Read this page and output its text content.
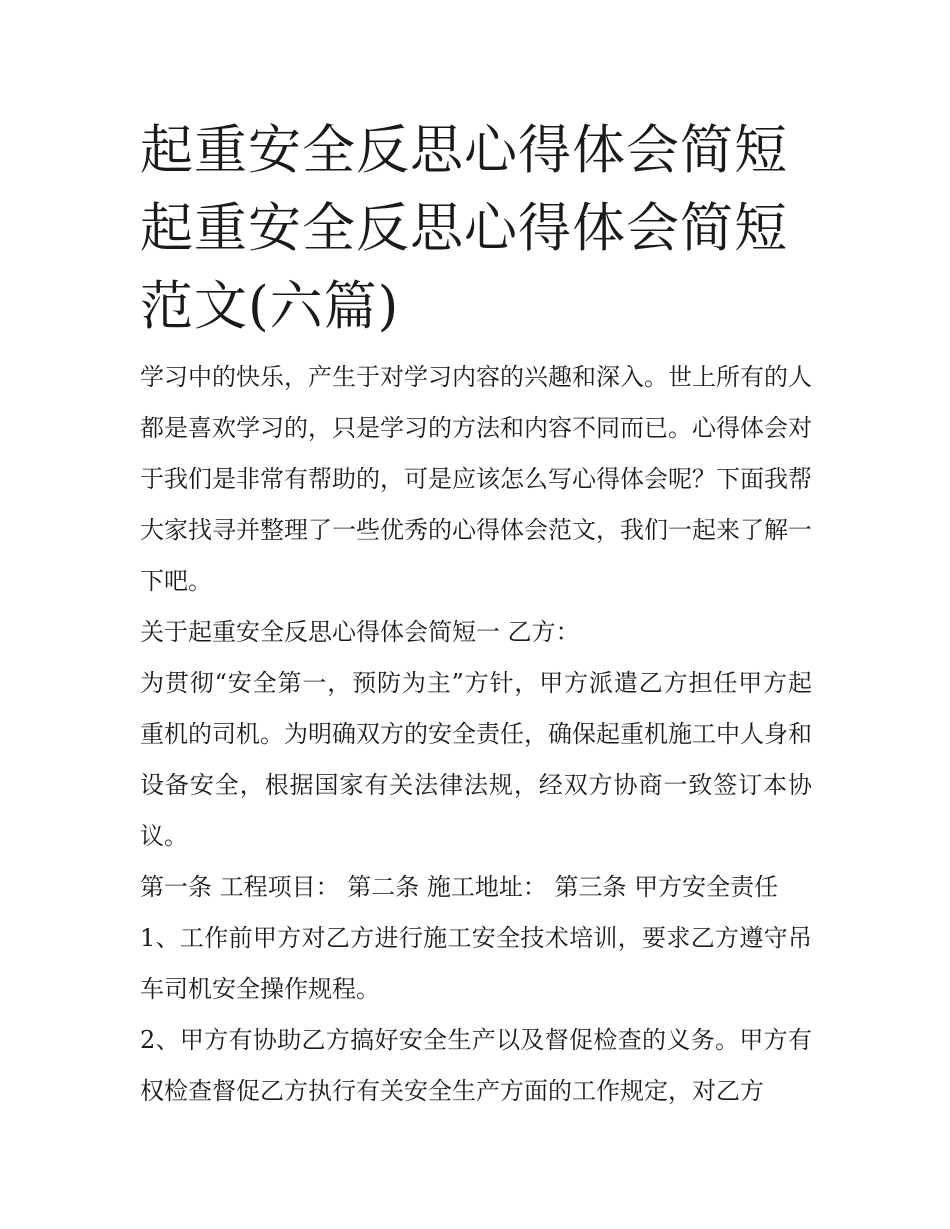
起重安全反思心得体会简短 起重安全反思心得体会简短范文(六篇)

学习中的快乐，产生于对学习内容的兴趣和深入。世上所有的人都是喜欢学习的，只是学习的方法和内容不同而已。心得体会对于我们是非常有帮助的，可是应该怎么写心得体会呢？下面我帮大家找寻并整理了一些优秀的心得体会范文，我们一起来了解一下吧。

关于起重安全反思心得体会简短一 乙方：

为贯彻“安全第一，预防为主”方针，甲方派遣乙方担任甲方起重机的司机。为明确双方的安全责任，确保起重机施工中人身和设备安全，根据国家有关法律法规，经双方协商一致签订本协议。

第一条 工程项目： 第二条 施工地址： 第三条 甲方安全责任

1、工作前甲方对乙方进行施工安全技术培训，要求乙方遵守吊车司机安全操作规程。

2、甲方有协助乙方搞好安全生产以及督促检查的义务。甲方有权检查督促乙方执行有关安全生产方面的工作规定，对乙方
